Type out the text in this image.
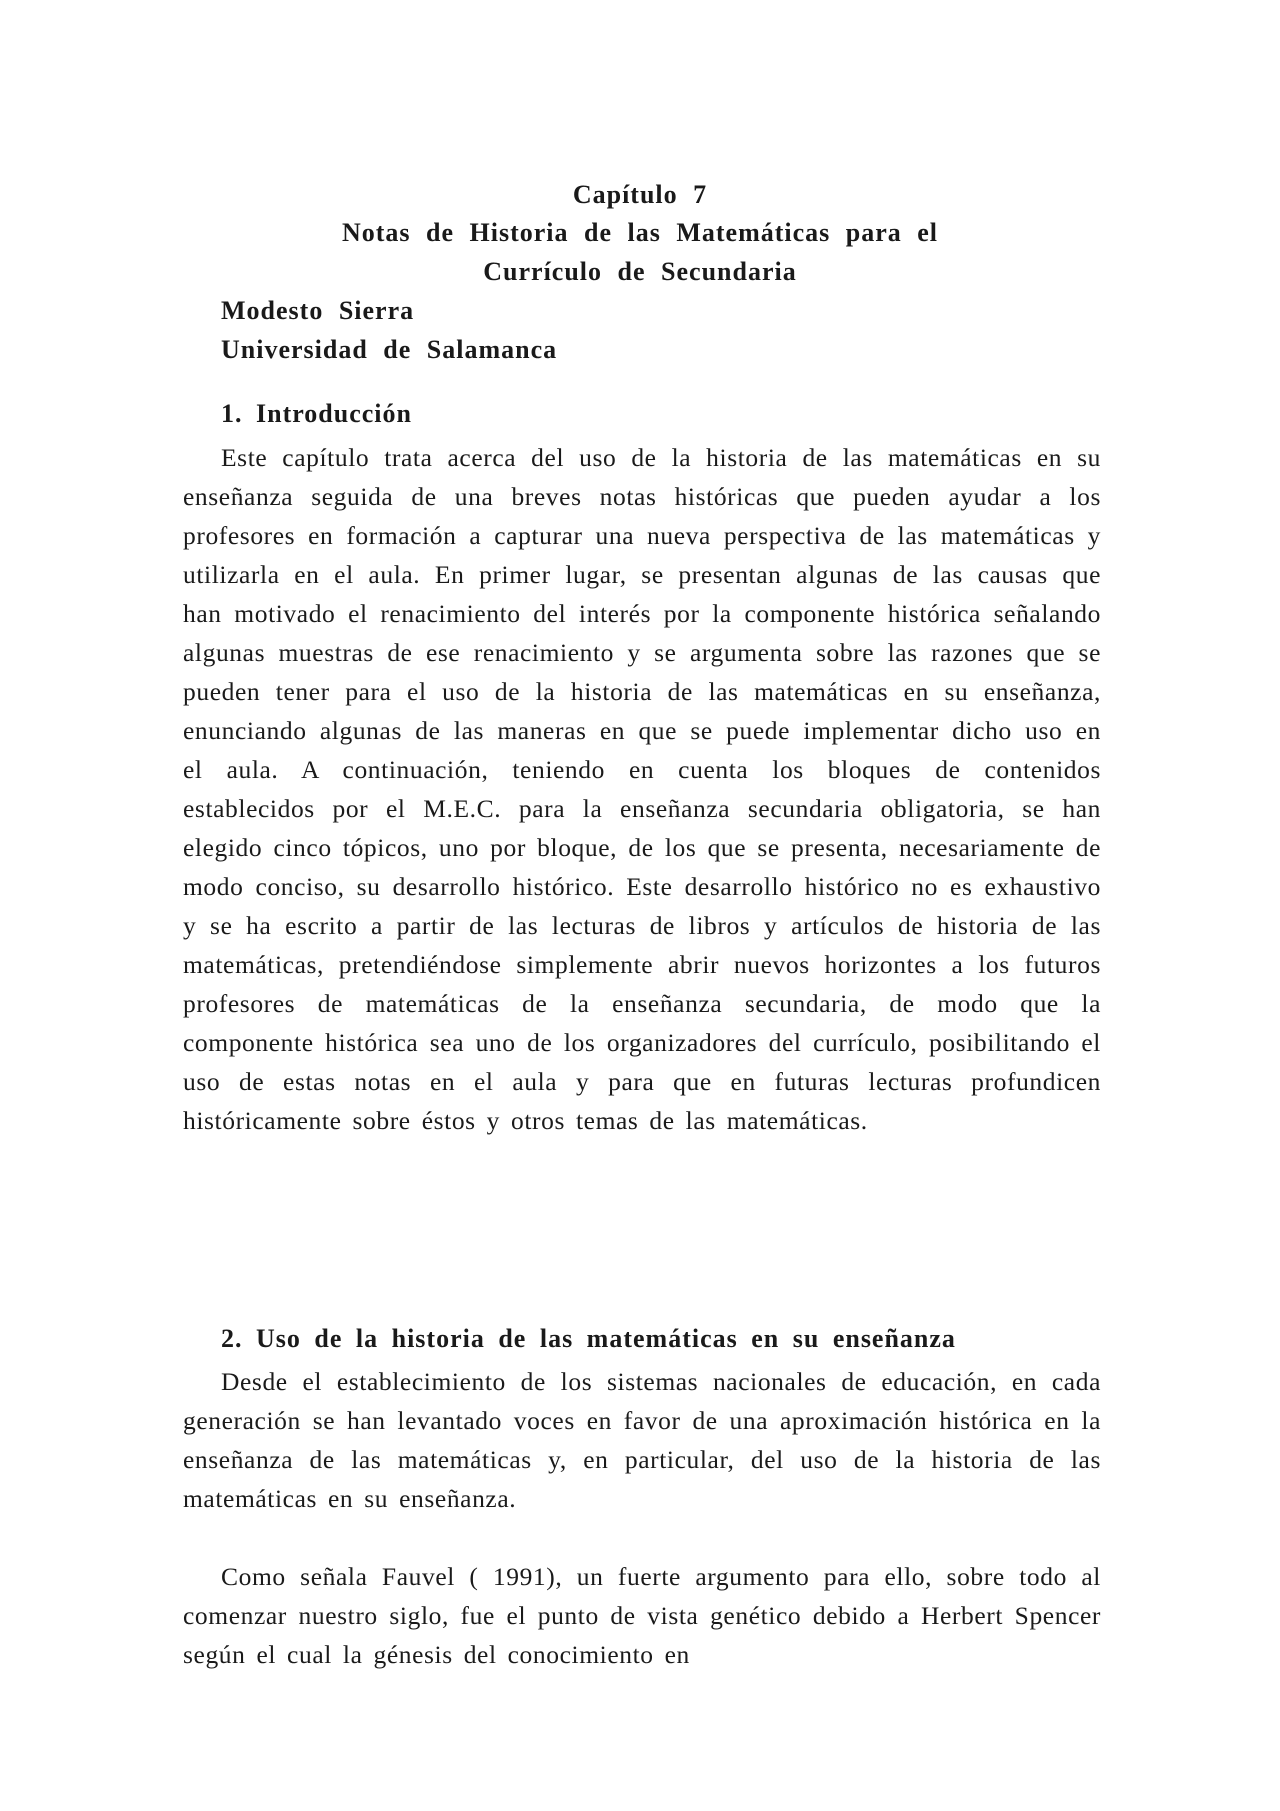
Capítulo 7
Notas de Historia de las Matemáticas para el
Currículo de Secundaria
Modesto Sierra
Universidad de Salamanca
1. Introducción

Este capítulo trata acerca del uso de la historia de las matemáticas en su enseñanza seguida de una breves notas históricas que pueden ayudar a los profesores en formación a capturar una nueva perspectiva de las matemáticas y utilizarla en el aula. En primer lugar, se presentan algunas de las causas que han motivado el renacimiento del interés por la componente histórica señalando algunas muestras de ese renacimiento y se argumenta sobre las razones que se pueden tener para el uso de la historia de las matemáticas en su enseñanza, enunciando algunas de las maneras en que se puede implementar dicho uso en el aula. A continuación, teniendo en cuenta los bloques de contenidos establecidos por el M.E.C. para la enseñanza secundaria obligatoria, se han elegido cinco tópicos, uno por bloque, de los que se presenta, necesariamente de modo conciso, su desarrollo histórico. Este desarrollo histórico no es exhaustivo y se ha escrito a partir de las lecturas de libros y artículos de historia de las matemáticas, pretendiéndose simplemente abrir nuevos horizontes a los futuros profesores de matemáticas de la enseñanza secundaria, de modo que la componente histórica sea uno de los organizadores del currículo, posibilitando el uso de estas notas en el aula y para que en futuras lecturas profundicen históricamente sobre éstos y otros temas de las matemáticas.

2. Uso de la historia de las matemáticas en su enseñanza

Desde el establecimiento de los sistemas nacionales de educación, en cada generación se han levantado voces en favor de una aproximación histórica en la enseñanza de las matemáticas y, en particular, del uso de la historia de las matemáticas en su enseñanza.

Como señala Fauvel ( 1991), un fuerte argumento para ello, sobre todo al comenzar nuestro siglo, fue el punto de vista genético debido a Herbert Spencer según el cual la génesis del conocimiento en
